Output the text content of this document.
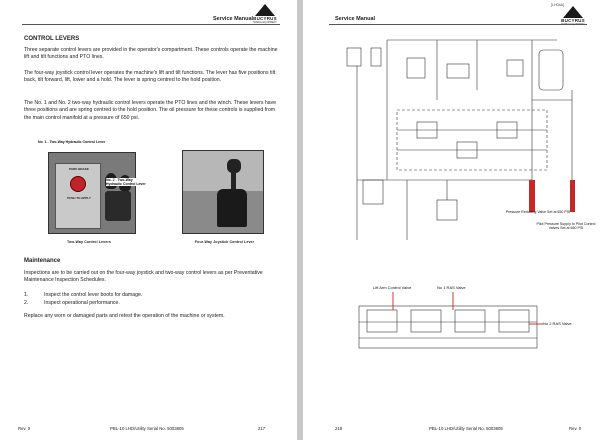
Service Manual BUCYRUS
MINING EQUIPMENT
CONTROL LEVERS
Three separate control levers are provided in the operator's compartment. These controls operate the machine lift and tilt functions and PTO lines.
The four-way joystick control lever operates the machine's lift and tilt functions. The lever has five positions tilt back, tilt forward, lift, lower and a hold. The lever is spring centred to the hold position.
The No. 1 and No. 2 two-way hydraulic control levers operate the PTO lines and the winch. These levers have three positions and are spring centred to the hold position. The oil pressure for these controls is supplied from the main control manifold at a pressure of 650 psi.
PARK BRAKE
PUSH TO APPLY
No. 1 - Two-Way Hydraulic Control Lever
No. 2 - Two-Way Hydraulic Control Lever
Two-Way Control Levers	Four-Way Joystick Control Lever
Maintenance
Inspections are to be carried out on the four-way joystick and two-way control levers as per Preventative Maintenance Inspection Schedules.
1.	Inspect the control lever boots for damage.
2.	Inspect operational performance.
Replace any worn or damaged parts and retest the operation of the machine or system.
Rev. 0	PBL-10 LHD/Utility Serial No. 5003805	217
Service Manual
[LH04A]
BUCYRUS
Pressure Reducing Valve Set at 650 PSI
Pilot Pressure Supply to Pilot Control Valves Set at 650 PSI
Lift Arm Control Valve	No 1 RAS Valve
No 2 RAS Valve
218	PBL-10 LHD/Utility Serial No. 5003805	Rev. 0
